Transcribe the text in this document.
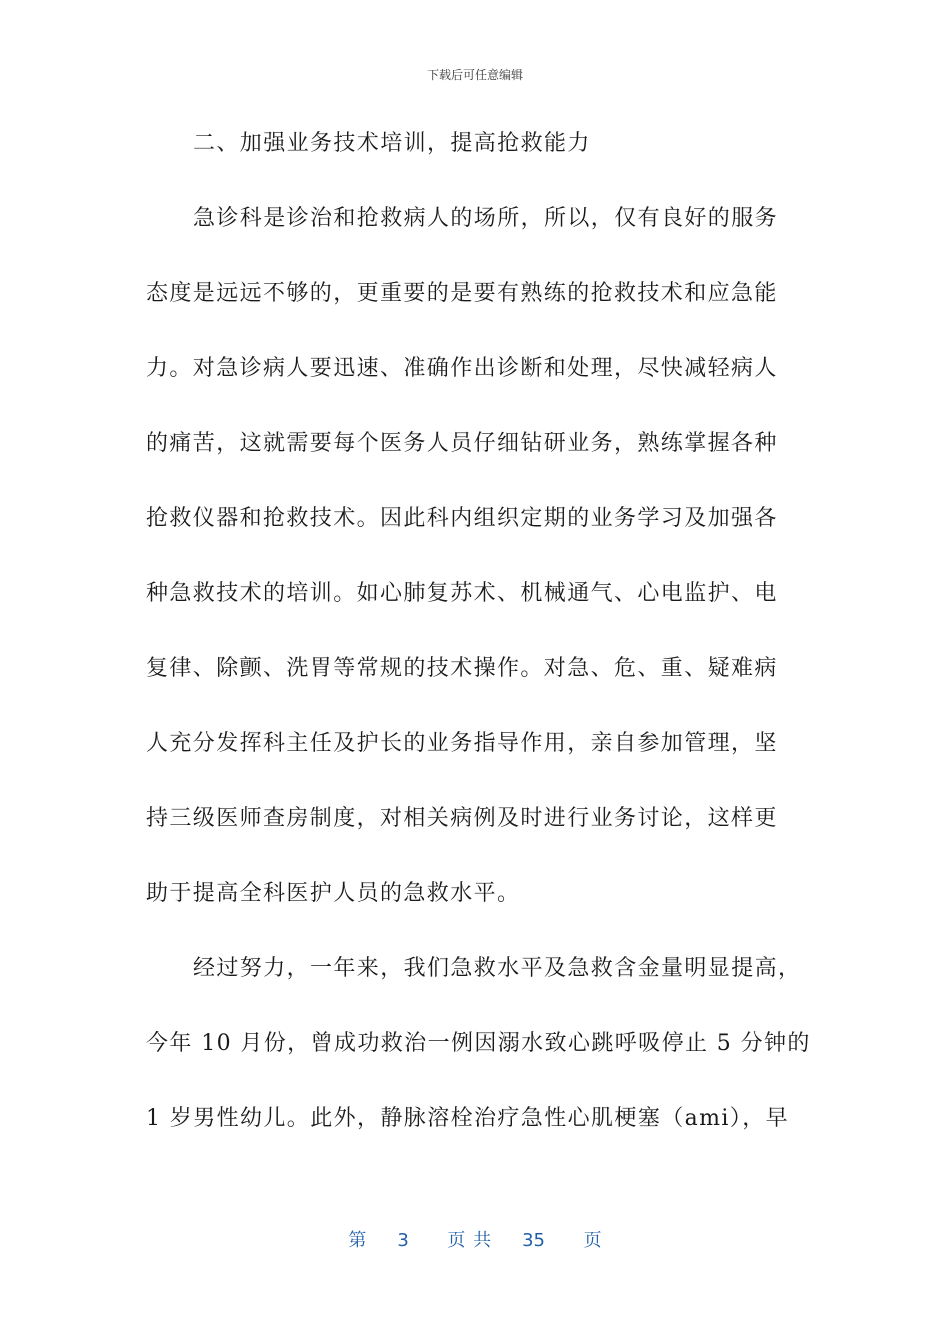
下载后可任意编辑
二、加强业务技术培训，提高抢救能力
急诊科是诊治和抢救病人的场所，所以，仅有良好的服务
态度是远远不够的，更重要的是要有熟练的抢救技术和应急能
力。对急诊病人要迅速、准确作出诊断和处理，尽快减轻病人
的痛苦，这就需要每个医务人员仔细钻研业务，熟练掌握各种
抢救仪器和抢救技术。因此科内组织定期的业务学习及加强各
种急救技术的培训。如心肺复苏术、机械通气、心电监护、电
复律、除颤、洗胃等常规的技术操作。对急、危、重、疑难病
人充分发挥科主任及护长的业务指导作用，亲自参加管理，坚
持三级医师查房制度，对相关病例及时进行业务讨论，这样更
助于提高全科医护人员的急救水平。
经过努力，一年来，我们急救水平及急救含金量明显提高，
今年 10 月份，曾成功救治一例因溺水致心跳呼吸停止 5 分钟的
1 岁男性幼儿。此外，静脉溶栓治疗急性心肌梗塞（ami），早
第 3 页 共 35 页
